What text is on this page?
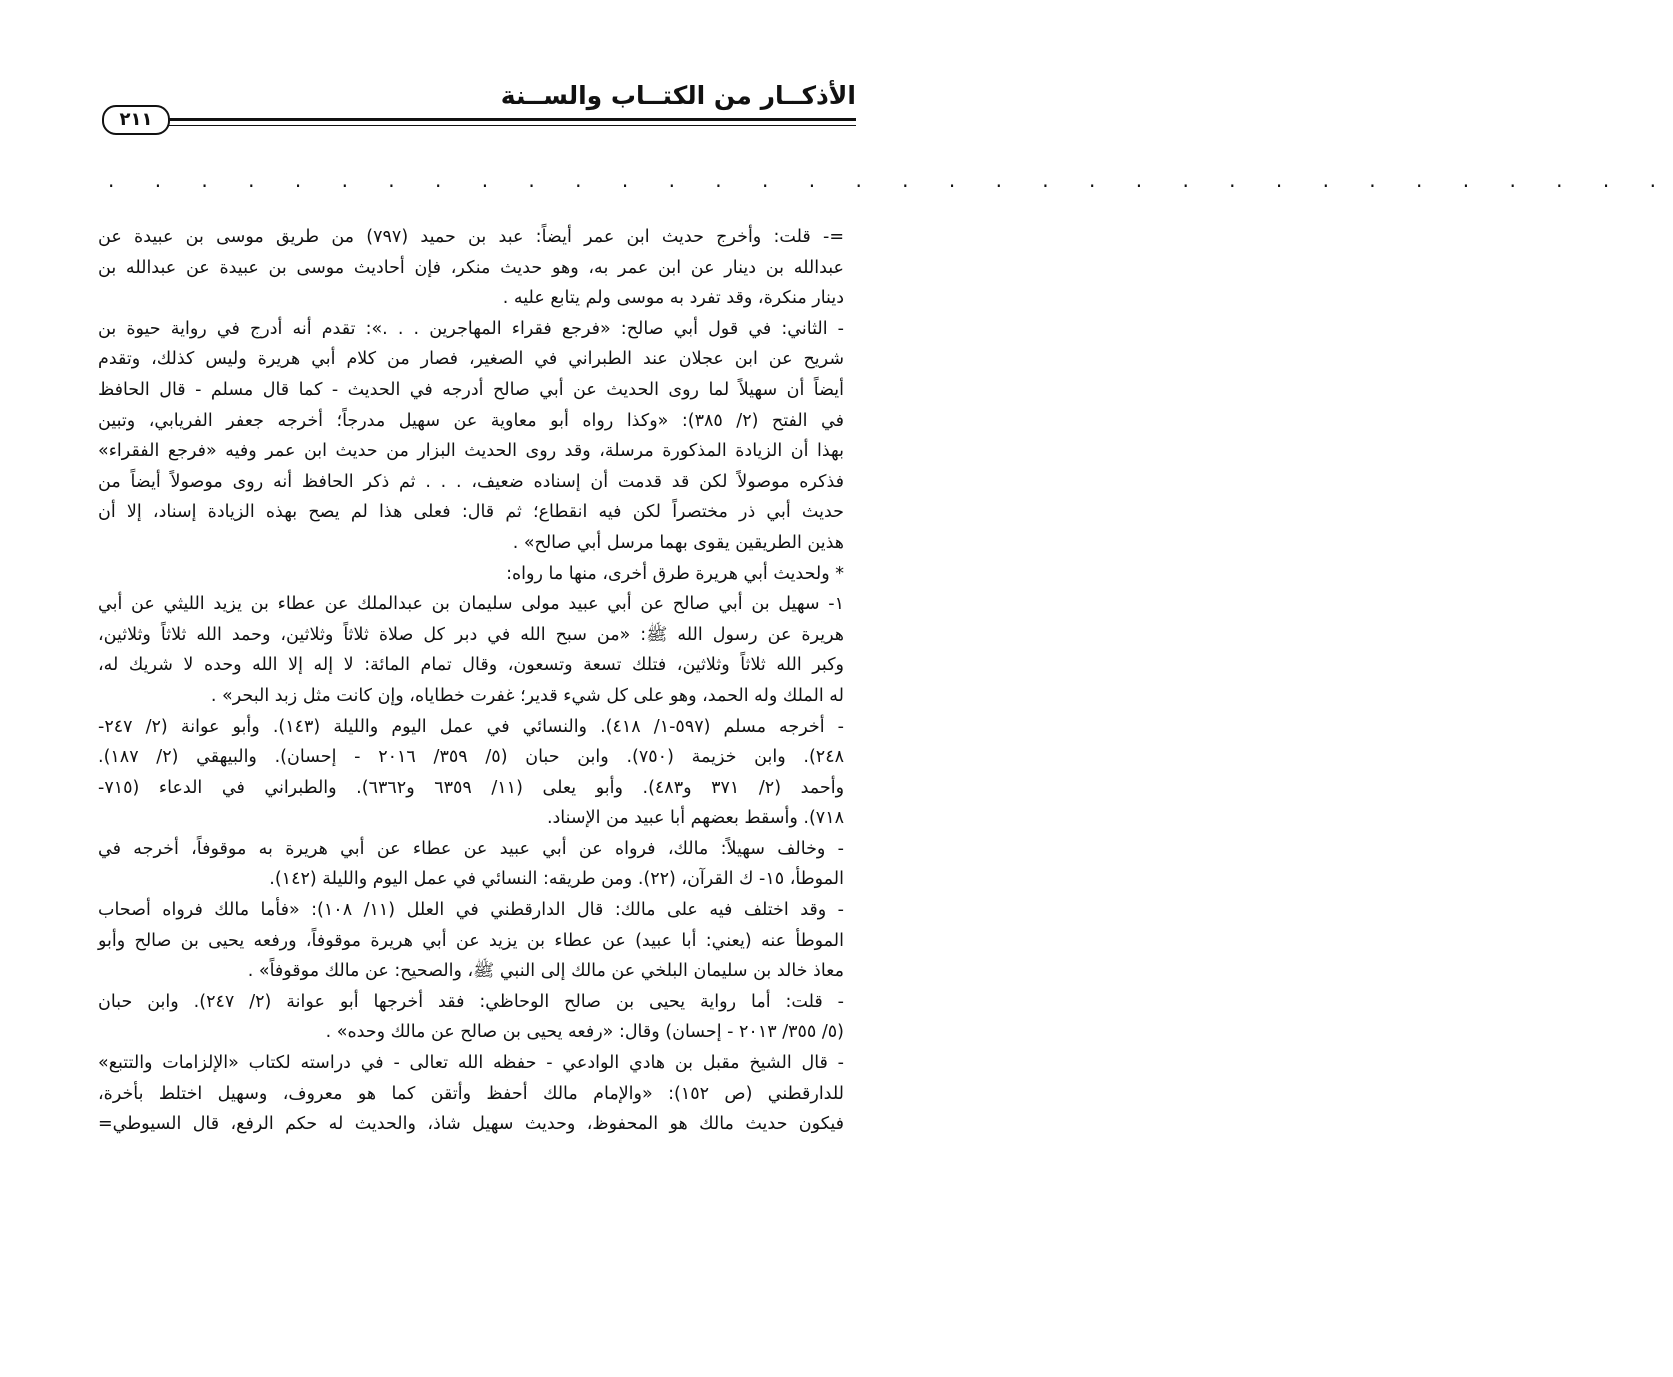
الأذكــار من الكتــاب والســنة
٢١١
. . . . . . . . . . . . . . . . . . . . . . . . . . . . . . . . . .
=- قلت: وأخرج حديث ابن عمر أيضاً: عبد بن حميد (٧٩٧) من طريق موسى بن عبيدة عن
عبدالله بن دينار عن ابن عمر به، وهو حديث منكر، فإن أحاديث موسى بن عبيدة عن عبدالله بن
دينار منكرة، وقد تفرد به موسى ولم يتابع عليه .
- الثاني: في قول أبي صالح: «فرجع فقراء المهاجرين . . .»: تقدم أنه أدرج في رواية حيوة بن
شريح عن ابن عجلان عند الطبراني في الصغير، فصار من كلام أبي هريرة وليس كذلك، وتقدم
أيضاً أن سهيلاً لما روى الحديث عن أبي صالح أدرجه في الحديث - كما قال مسلم - قال الحافظ
في الفتح (٢/ ٣٨٥): «وكذا رواه أبو معاوية عن سهيل مدرجاً؛ أخرجه جعفر الفريابي، وتبين
بهذا أن الزيادة المذكورة مرسلة، وقد روى الحديث البزار من حديث ابن عمر وفيه «فرجع الفقراء»
فذكره موصولاً لكن قد قدمت أن إسناده ضعيف، . . . ثم ذكر الحافظ أنه روى موصولاً أيضاً من
حديث أبي ذر مختصراً لكن فيه انقطاع؛ ثم قال: فعلى هذا لم يصح بهذه الزيادة إسناد، إلا أن
هذين الطريقين يقوى بهما مرسل أبي صالح» .
* ولحديث أبي هريرة طرق أخرى، منها ما رواه:
١- سهيل بن أبي صالح عن أبي عبيد مولى سليمان بن عبدالملك عن عطاء بن يزيد الليثي عن أبي
هريرة عن رسول الله ﷺ: «من سبح الله في دبر كل صلاة ثلاثاً وثلاثين، وحمد الله ثلاثاً وثلاثين،
وكبر الله ثلاثاً وثلاثين، فتلك تسعة وتسعون، وقال تمام المائة: لا إله إلا الله وحده لا شريك له،
له الملك وله الحمد، وهو على كل شيء قدير؛ غفرت خطاياه، وإن كانت مثل زبد البحر» .
- أخرجه مسلم (٥٩٧-١/ ٤١٨). والنسائي في عمل اليوم والليلة (١٤٣). وأبو عوانة (٢/ ٢٤٧-
٢٤٨). وابن خزيمة (٧٥٠). وابن حبان (٥/ ٣٥٩/ ٢٠١٦ - إحسان). والبيهقي (٢/ ١٨٧).
وأحمد (٢/ ٣٧١ و٤٨٣). وأبو يعلى (١١/ ٦٣٥٩ و٦٣٦٢). والطبراني في الدعاء (٧١٥-
٧١٨). وأسقط بعضهم أبا عبيد من الإسناد.
- وخالف سهيلاً: مالك، فرواه عن أبي عبيد عن عطاء عن أبي هريرة به موقوفاً، أخرجه في
الموطأ، ١٥- ك القرآن، (٢٢). ومن طريقه: النسائي في عمل اليوم والليلة (١٤٢).
- وقد اختلف فيه على مالك: قال الدارقطني في العلل (١١/ ١٠٨): «فأما مالك فرواه أصحاب
الموطأ عنه (يعني: أبا عبيد) عن عطاء بن يزيد عن أبي هريرة موقوفاً، ورفعه يحيى بن صالح وأبو
معاذ خالد بن سليمان البلخي عن مالك إلى النبي ﷺ، والصحيح: عن مالك موقوفاً» .
- قلت: أما رواية يحيى بن صالح الوحاظي: فقد أخرجها أبو عوانة (٢/ ٢٤٧). وابن حبان
(٥/ ٣٥٥/ ٢٠١٣ - إحسان) وقال: «رفعه يحيى بن صالح عن مالك وحده» .
- قال الشيخ مقبل بن هادي الوادعي - حفظه الله تعالى - في دراسته لكتاب «الإلزامات والتتبع»
للدارقطني (ص ١٥٢): «والإمام مالك أحفظ وأتقن كما هو معروف، وسهيل اختلط بأخرة،
فيكون حديث مالك هو المحفوظ، وحديث سهيل شاذ، والحديث له حكم الرفع، قال السيوطي=
